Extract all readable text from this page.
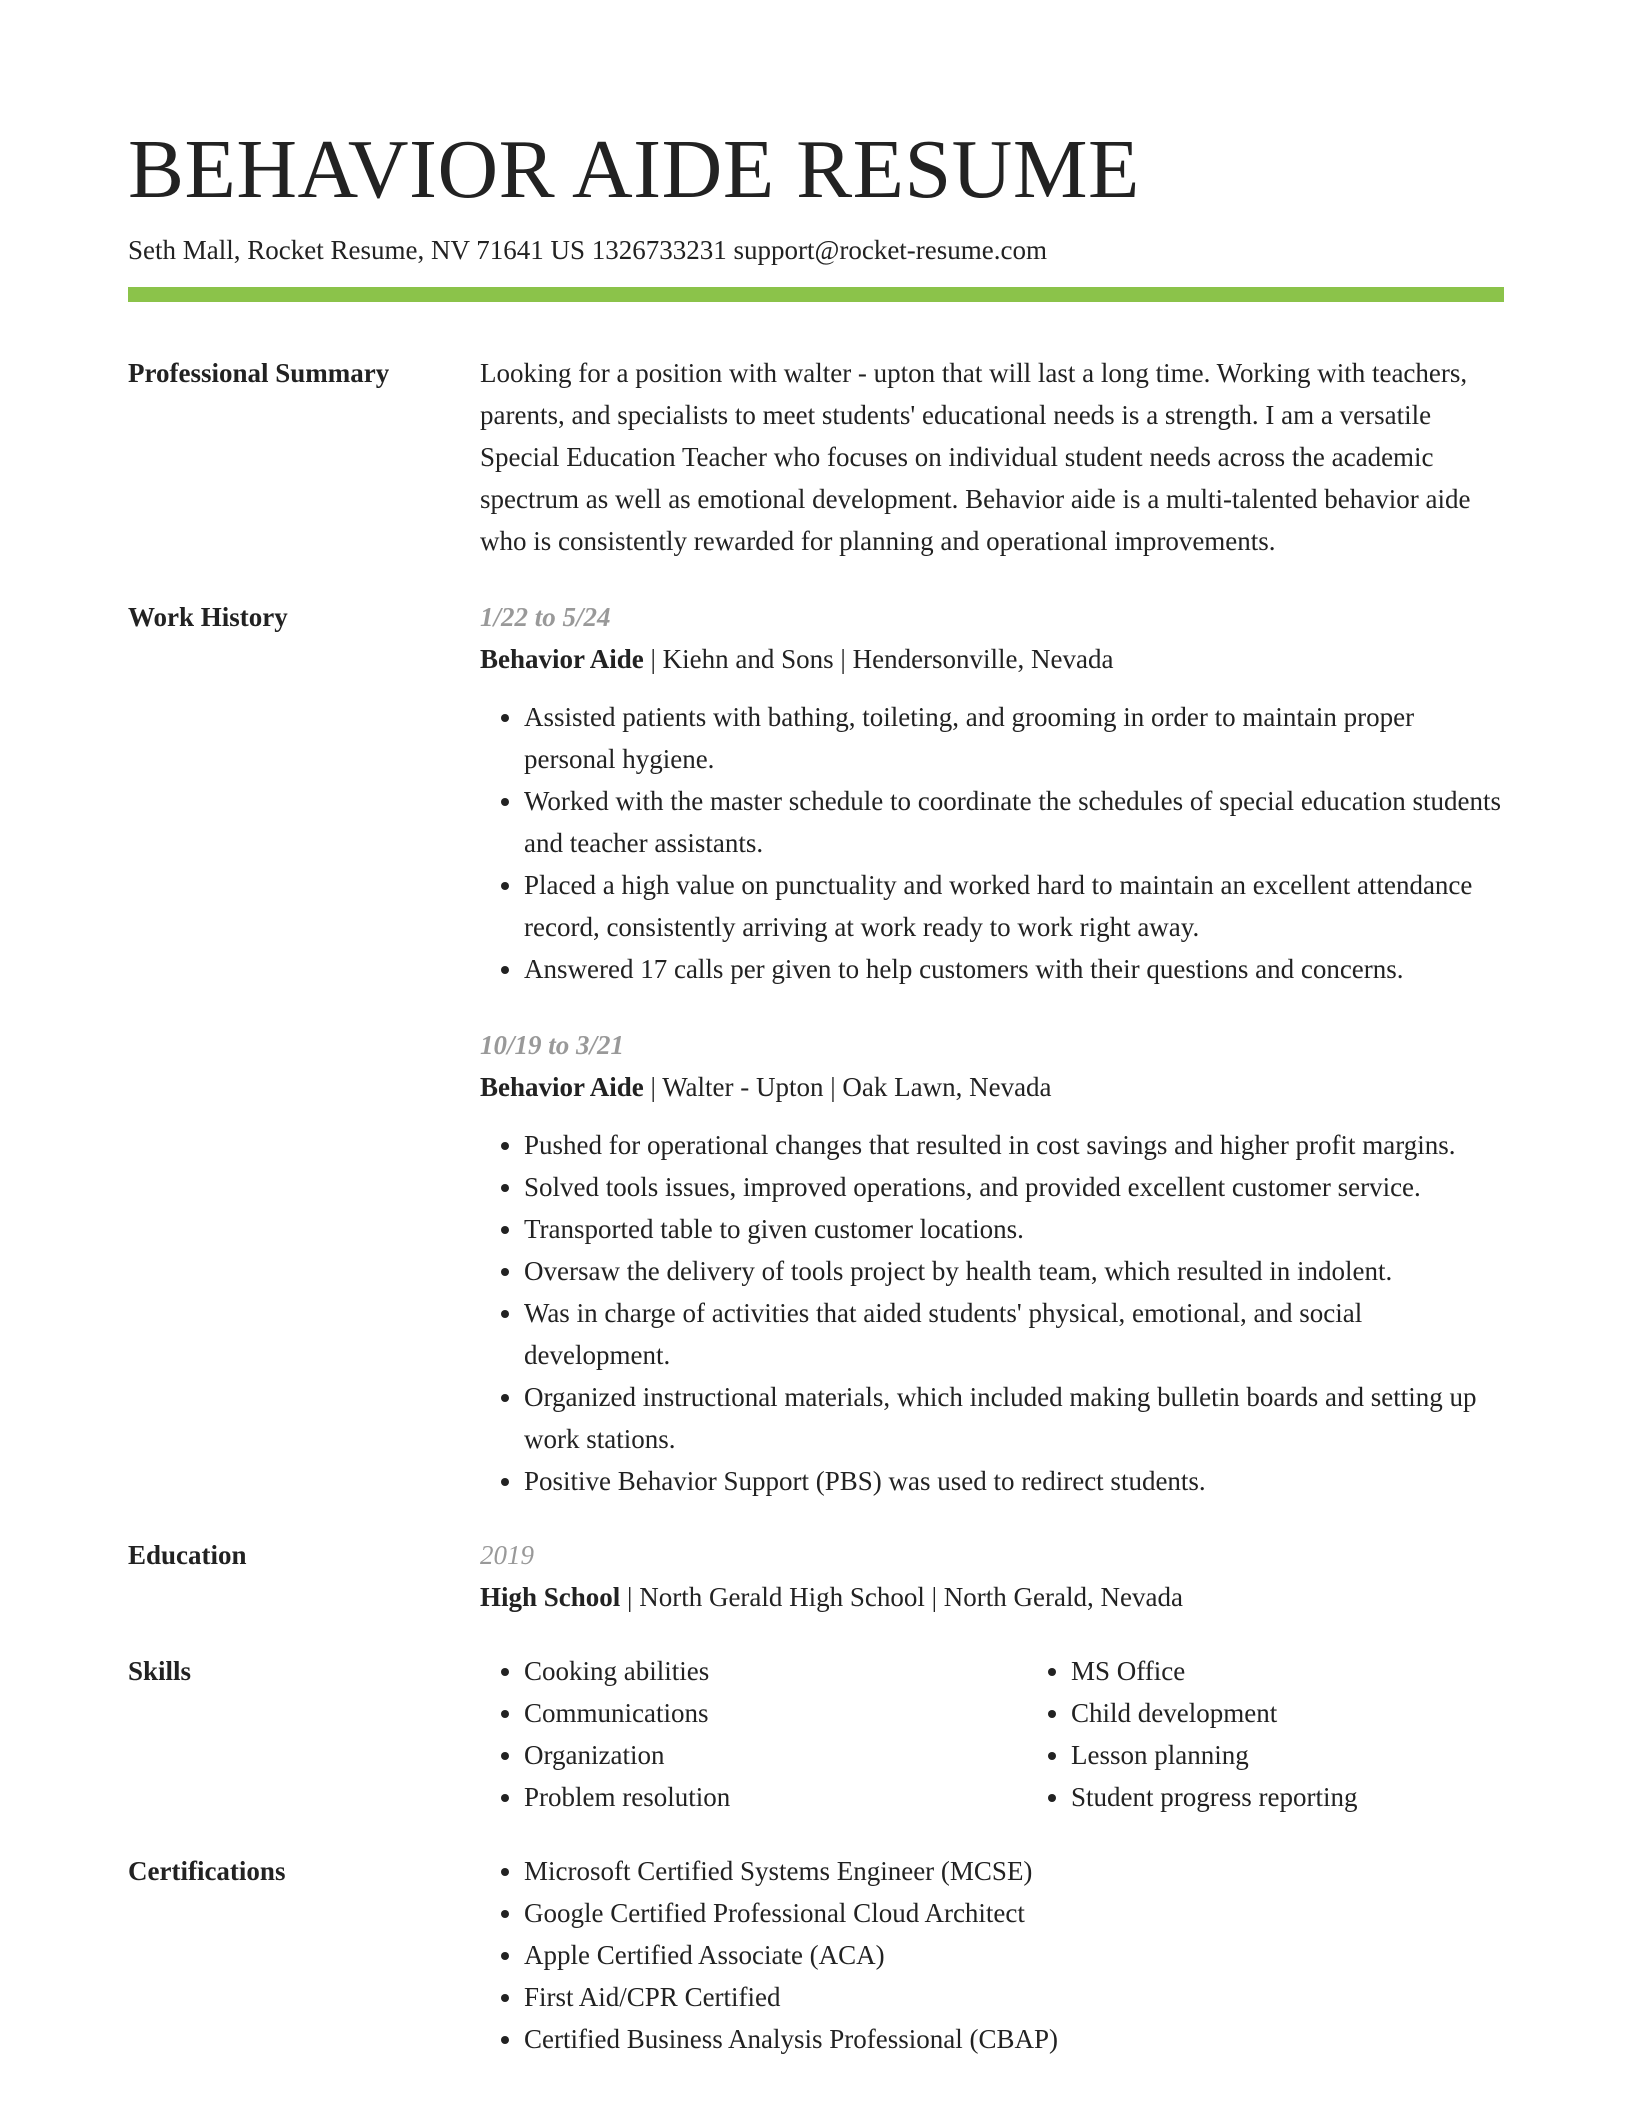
BEHAVIOR AIDE RESUME
Seth Mall, Rocket Resume, NV 71641 US 1326733231 support@rocket-resume.com
Professional Summary	Looking for a position with walter - upton that will last a long time. Working with teachers, parents, and specialists to meet students' educational needs is a strength. I am a versatile Special Education Teacher who focuses on individual student needs across the academic spectrum as well as emotional development. Behavior aide is a multi-talented behavior aide who is consistently rewarded for planning and operational improvements.

Work History	1/22 to 5/24
Behavior Aide | Kiehn and Sons | Hendersonville, Nevada
• Assisted patients with bathing, toileting, and grooming in order to maintain proper personal hygiene.
• Worked with the master schedule to coordinate the schedules of special education students and teacher assistants.
• Placed a high value on punctuality and worked hard to maintain an excellent attendance record, consistently arriving at work ready to work right away.
• Answered 17 calls per given to help customers with their questions and concerns.
10/19 to 3/21
Behavior Aide | Walter - Upton | Oak Lawn, Nevada
• Pushed for operational changes that resulted in cost savings and higher profit margins.
• Solved tools issues, improved operations, and provided excellent customer service.
• Transported table to given customer locations.
• Oversaw the delivery of tools project by health team, which resulted in indolent.
• Was in charge of activities that aided students' physical, emotional, and social development.
• Organized instructional materials, which included making bulletin boards and setting up work stations.
• Positive Behavior Support (PBS) was used to redirect students.
Education	2019
High School | North Gerald High School | North Gerald, Nevada
Skills	• Cooking abilities
• Communications
• Organization
• Problem resolution
• MS Office
• Child development
• Lesson planning
• Student progress reporting
Certifications	• Microsoft Certified Systems Engineer (MCSE)
• Google Certified Professional Cloud Architect
• Apple Certified Associate (ACA)
• First Aid/CPR Certified
• Certified Business Analysis Professional (CBAP)
